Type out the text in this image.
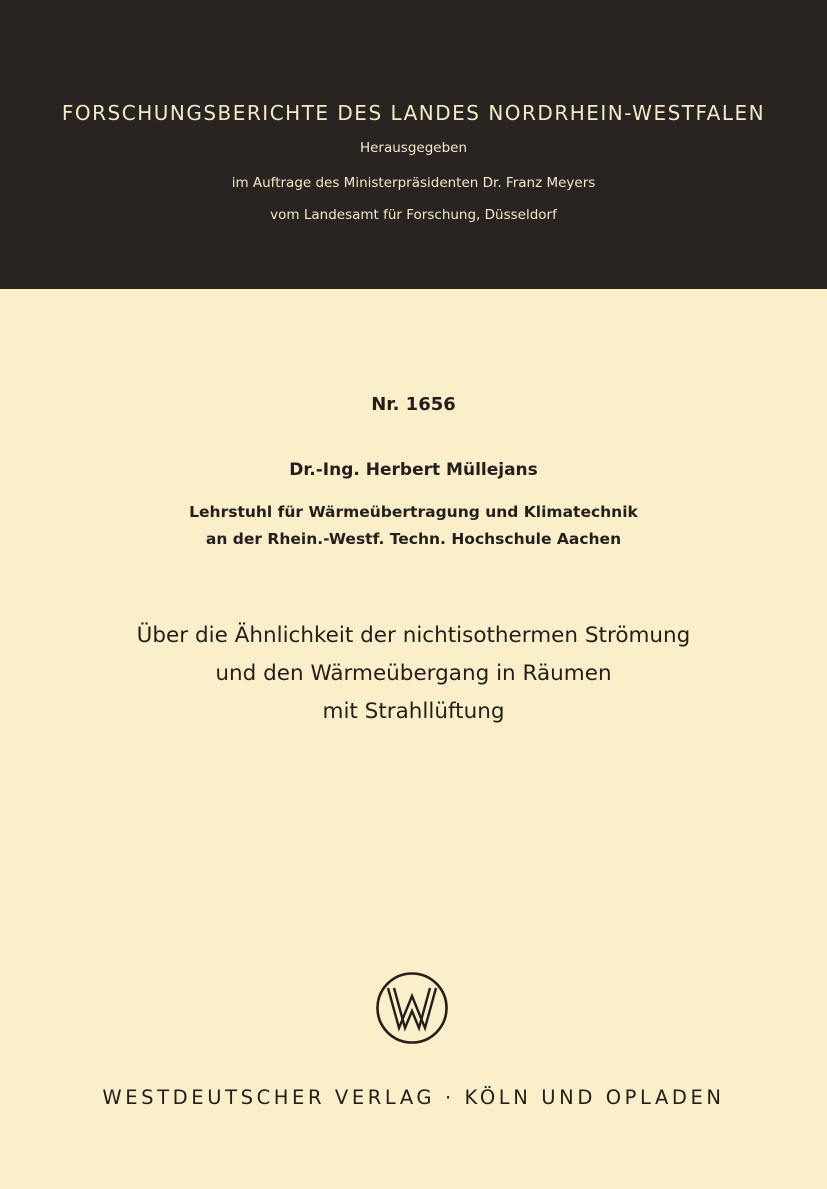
FORSCHUNGSBERICHTE DES LANDES NORDRHEIN-WESTFALEN
Herausgegeben
im Auftrage des Ministerpräsidenten Dr. Franz Meyers
vom Landesamt für Forschung, Düsseldorf
Nr. 1656
Dr.-Ing. Herbert Müllejans
Lehrstuhl für Wärmeübertragung und Klimatechnik
an der Rhein.-Westf. Techn. Hochschule Aachen
Über die Ähnlichkeit der nichtisothermen Strömung
und den Wärmeübergang in Räumen
mit Strahllüftung
WESTDEUTSCHER VERLAG · KÖLN UND OPLADEN
